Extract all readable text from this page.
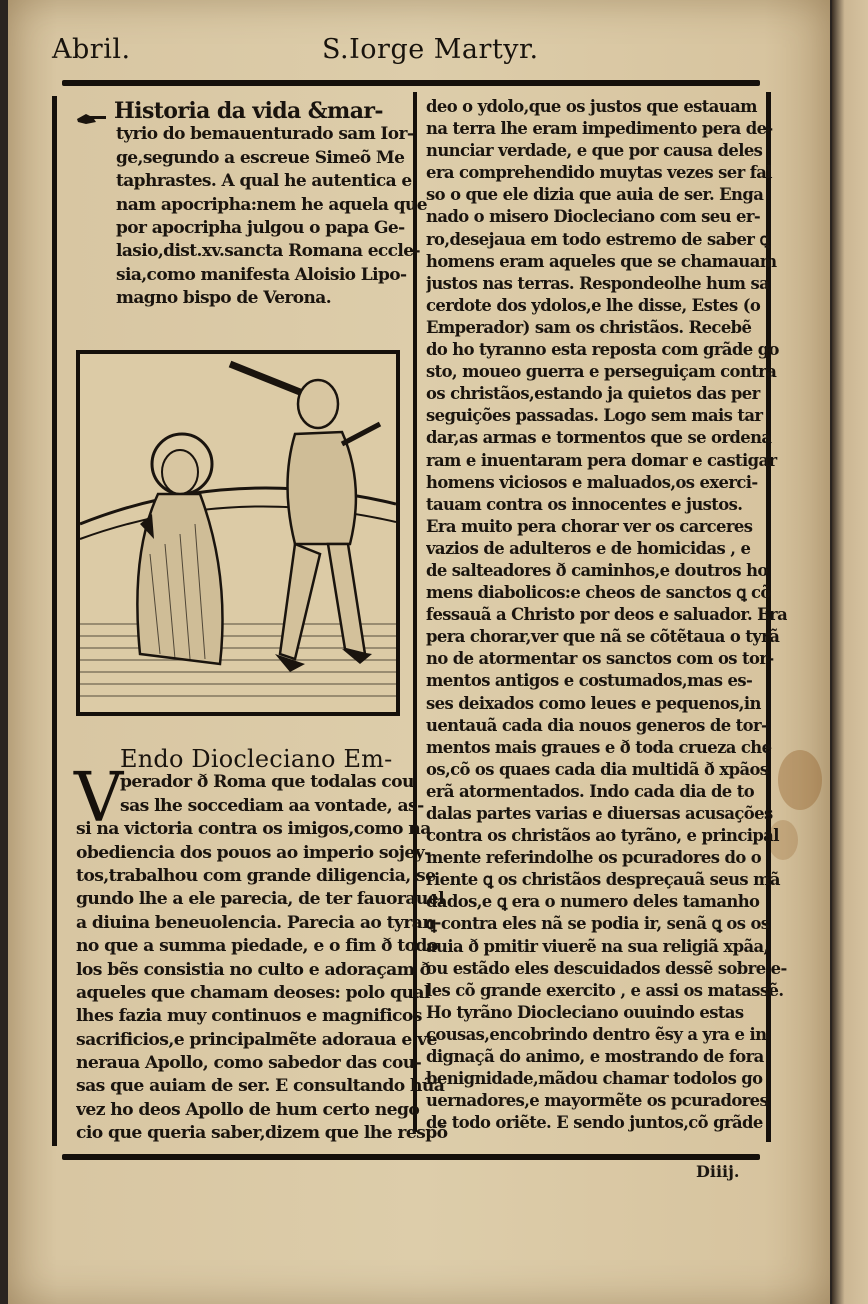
Abril.	S.Iorge Martyr.
Historia da vida &mar-
tyrio do bemauenturado sam Ior-
ge,segundo a escreue Simeõ Me
taphrastes. A qual he autentica e
nam apocripha:nem he aquela que
por apocripha julgou o papa Ge-
lasio,dist.xv.sancta Romana eccle-
sia,como manifesta Aloisio Lipo-
magno bispo de Verona.
V
Endo Diocleciano Em-
perador ð Roma que todalas cou
sas lhe soccediam aa vontade, as-
si na victoria contra os imigos,como na
obediencia dos pouos ao imperio sojey-
tos,trabalhou com grande diligencia, se
gundo lhe a ele parecia, de ter fauorauel
a diuina beneuolencia. Parecia ao tyran-
no que a summa piedade, e o fim ð todo
los bẽs consistia no culto e adoraçam ð
aqueles que chamam deoses: polo qual
lhes fazia muy continuos e magnificos
sacrificios,e principalmẽte adoraua e ve
neraua Apollo, como sabedor das cou-
sas que auiam de ser. E consultando hũa
vez ho deos Apollo de hum certo nego
cio que queria saber,dizem que lhe respõ
deo o ydolo,que os justos que estauam
na terra lhe eram impedimento pera de-
nunciar verdade, e que por causa deles
era comprehendido muytas vezes ser fal
so o que ele dizia que auia de ser. Enga
nado o misero Diocleciano com seu er-
ro,desejaua em todo estremo de saber ꝗ
homens eram aqueles que se chamauam
justos nas terras. Respondeolhe hum sa
cerdote dos ydolos,e lhe disse, Estes (o
Emperador) sam os christãos. Recebẽ
do ho tyranno esta reposta com grãde go
sto, moueo guerra e perseguiçam contra
os christãos,estando ja quietos das per
seguições passadas. Logo sem mais tar
dar,as armas e tormentos que se ordena
ram e inuentaram pera domar e castigar
homens viciosos e maluados,os exerci-
tauam contra os innocentes e justos.
Era muito pera chorar ver os carceres
vazios de adulteros e de homicidas , e
de salteadores ð caminhos,e doutros ho
mens diabolicos:e cheos de sanctos ꝗ cõ
fessauã a Christo por deos e saluador. Era
pera chorar,ver que nã se cõtẽtaua o tyrã
no de atormentar os sanctos com os tor-
mentos antigos e costumados,mas es-
ses deixados como leues e pequenos,in
uentauã cada dia nouos generos de tor-
mentos mais graues e ð toda crueza che
os,cõ os quaes cada dia multidã ð xpãos
erã atormentados. Indo cada dia de to
dalas partes varias e diuersas acusações
contra os christãos ao tyrãno, e principal
mente referindolhe os pcuradores do o
riente ꝗ os christãos despreçauã seus mã
dados,e ꝗ era o numero deles tamanho
ꝗ contra eles nã se podia ir, senã ꝗ os os
auia ð pmitir viuerẽ na sua religiã xpãa,
ou estãdo eles descuidados dessẽ sobre e-
les cõ grande exercito , e assi os matassẽ.
Ho tyrãno Diocleciano ouuindo estas
cousas,encobrindo dentro ẽsy a yra e in
dignaçã do animo, e mostrando de fora
benignidade,mãdou chamar todolos go
uernadores,e mayormẽte os pcuradores
de todo oriẽte. E sendo juntos,cõ grãde
Diiij.
